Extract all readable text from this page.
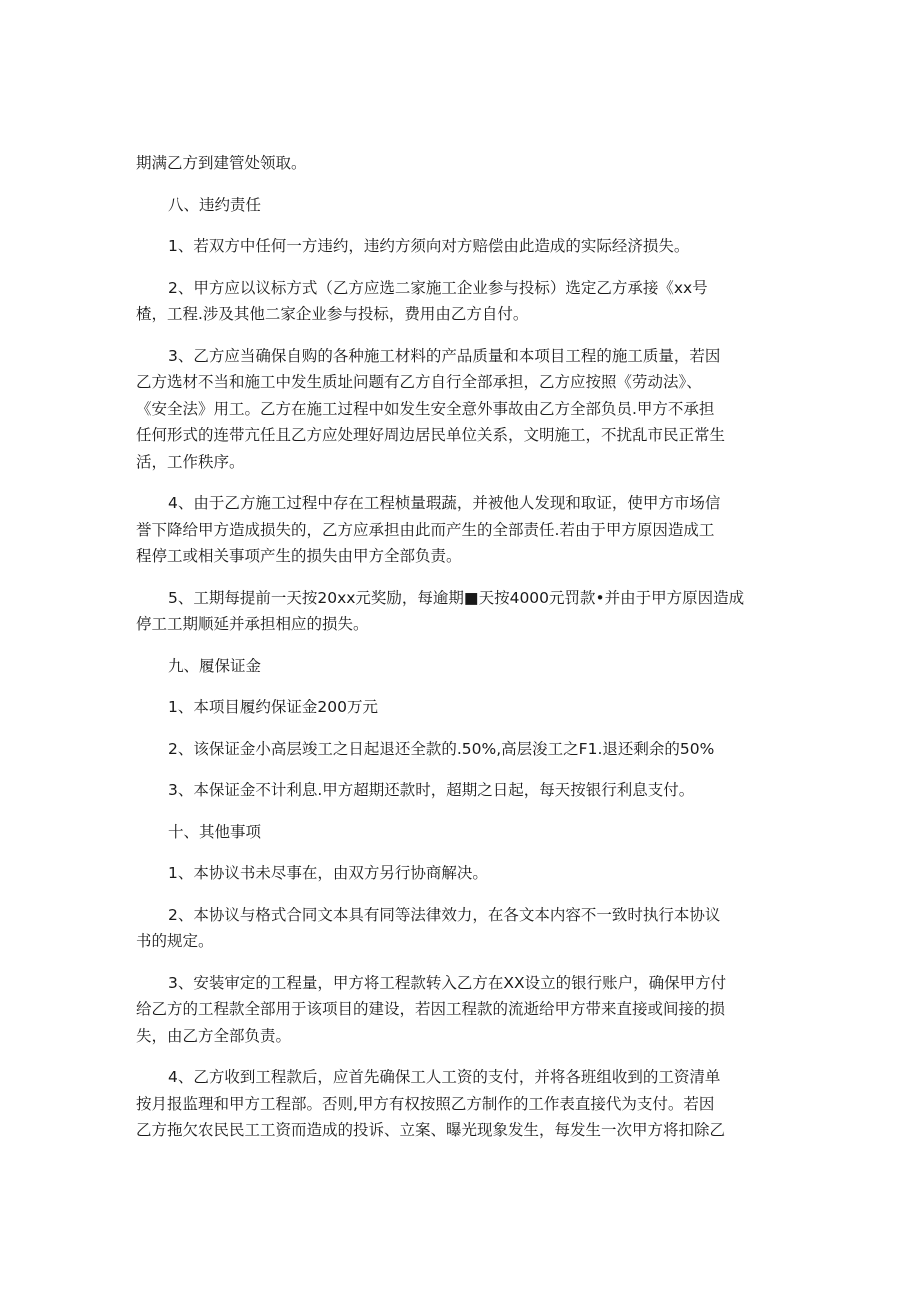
期满乙方到建管处领取。
八、违约责任
1、若双方中任何一方违约，违约方须向对方赔偿由此造成的实际经济损失。
2、甲方应以议标方式（乙方应选二家施工企业参与投标）选定乙方承接《xx号
楂，工程.涉及其他二家企业参与投标，费用由乙方自付。
3、乙方应当确保自购的各种施工材料的产品质量和本项目工程的施工质量，若因
乙方选材不当和施工中发生质址问题有乙方自行全部承担，乙方应按照《劳动法》、
《安全法》用工。乙方在施工过程中如发生安全意外事故由乙方全部负员.甲方不承担
任何形式的连带亢任且乙方应处理好周边居民单位关系，文明施工，不扰乱市民正常生
活，工作秩序。
4、由于乙方施工过程中存在工程桢量瑕蔬，并被他人发现和取证，使甲方市场信
誉下降给甲方造成损失的，乙方应承担由此而产生的全部责任.若由于甲方原因造成工
程停工或相关事项产生的损失由甲方全部负责。
5、工期每提前一天按20xx元奖励，每逾期■天按4000元罚款•并由于甲方原因造成
停工工期顺延并承担相应的损失。
九、履保证金
1、本项目履约保证金200万元
2、该保证金小高层竣工之日起退还全款的.50%,高层浚工之F1.退还剩余的50%
3、本保证金不计利息.甲方超期还款时，超期之日起，每天按银行利息支付。
十、其他事项
1、本协议书未尽事在，由双方另行协商解决。
2、本协议与格式合同文本具有同等法律效力，在各文本内容不一致时执行本协议
书的规定。
3、安装审定的工程量，甲方将工程款转入乙方在XX设立的银行账户，确保甲方付
给乙方的工程款全部用于该项目的建设，若因工程款的流逝给甲方带来直接或间接的损
失，由乙方全部负责。
4、乙方收到工程款后，应首先确保工人工资的支付，并将各班组收到的工资清单
按月报监理和甲方工程部。否则,甲方有权按照乙方制作的工作表直接代为支付。若因
乙方拖欠农民民工工资而造成的投诉、立案、曝光现象发生，每发生一次甲方将扣除乙
